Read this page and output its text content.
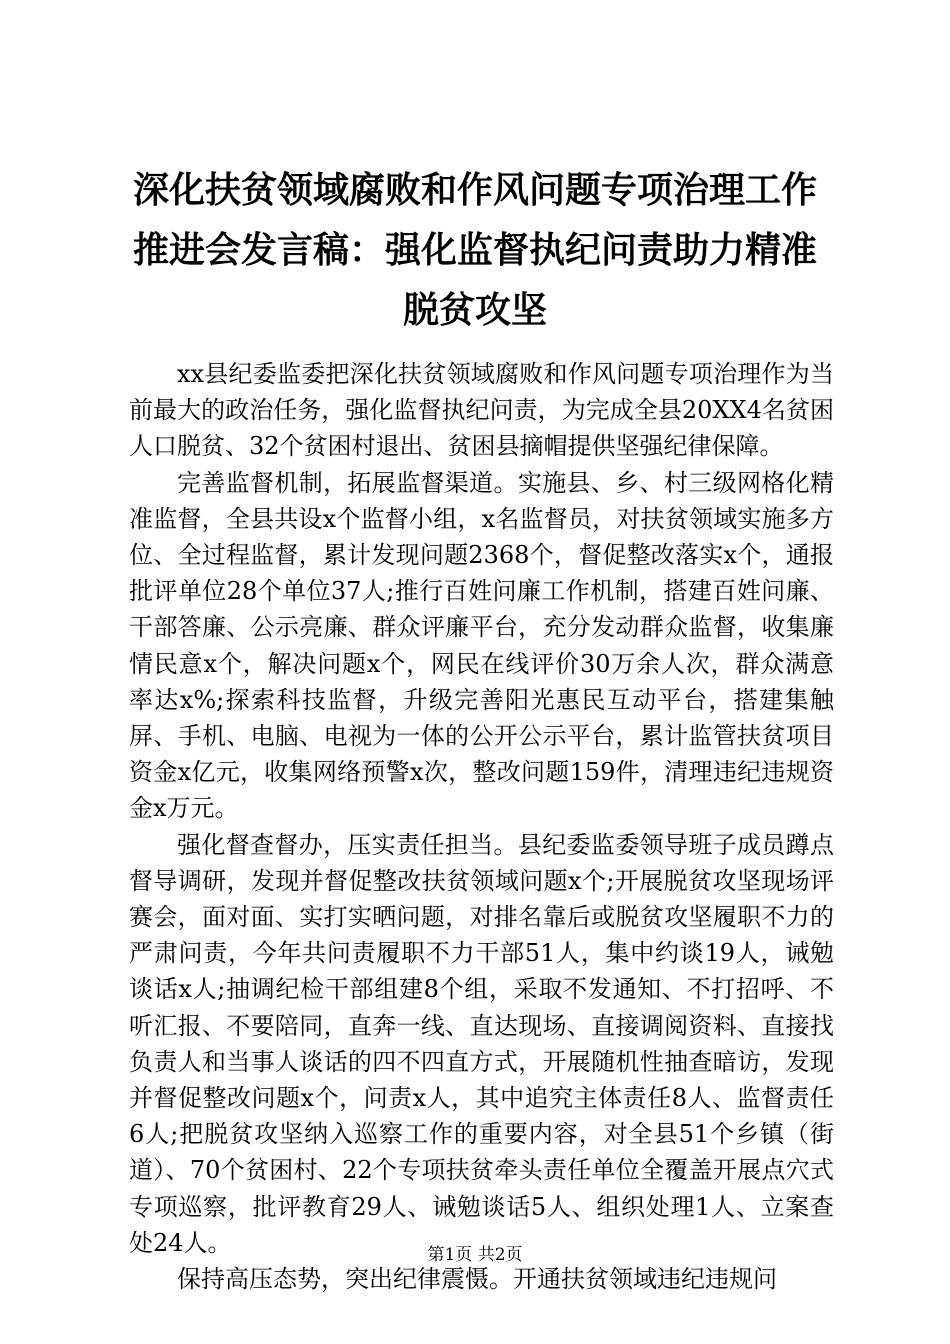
深化扶贫领域腐败和作风问题专项治理工作推进会发言稿：强化监督执纪问责助力精准脱贫攻坚

xx县纪委监委把深化扶贫领域腐败和作风问题专项治理作为当前最大的政治任务，强化监督执纪问责，为完成全县20XX4名贫困人口脱贫、32个贫困村退出、贫困县摘帽提供坚强纪律保障。

完善监督机制，拓展监督渠道。实施县、乡、村三级网格化精准监督，全县共设x个监督小组，x名监督员，对扶贫领域实施多方位、全过程监督，累计发现问题2368个，督促整改落实x个，通报批评单位28个单位37人;推行百姓问廉工作机制，搭建百姓问廉、干部答廉、公示亮廉、群众评廉平台，充分发动群众监督，收集廉情民意x个，解决问题x个，网民在线评价30万余人次，群众满意率达x%;探索科技监督，升级完善阳光惠民互动平台，搭建集触屏、手机、电脑、电视为一体的公开公示平台，累计监管扶贫项目资金x亿元，收集网络预警x次，整改问题159件，清理违纪违规资金x万元。

强化督查督办，压实责任担当。县纪委监委领导班子成员蹲点督导调研，发现并督促整改扶贫领域问题x个;开展脱贫攻坚现场评赛会，面对面、实打实晒问题，对排名靠后或脱贫攻坚履职不力的严肃问责，今年共问责履职不力干部51人，集中约谈19人，诫勉谈话x人;抽调纪检干部组建8个组，采取不发通知、不打招呼、不听汇报、不要陪同，直奔一线、直达现场、直接调阅资料、直接找负责人和当事人谈话的四不四直方式，开展随机性抽查暗访，发现并督促整改问题x个，问责x人，其中追究主体责任8人、监督责任6人;把脱贫攻坚纳入巡察工作的重要内容，对全县51个乡镇（街道）、70个贫困村、22个专项扶贫牵头责任单位全覆盖开展点穴式专项巡察，批评教育29人、诫勉谈话5人、组织处理1人、立案查处24人。

保持高压态势，突出纪律震慑。开通扶贫领域违纪违规问

第1页 共2页
